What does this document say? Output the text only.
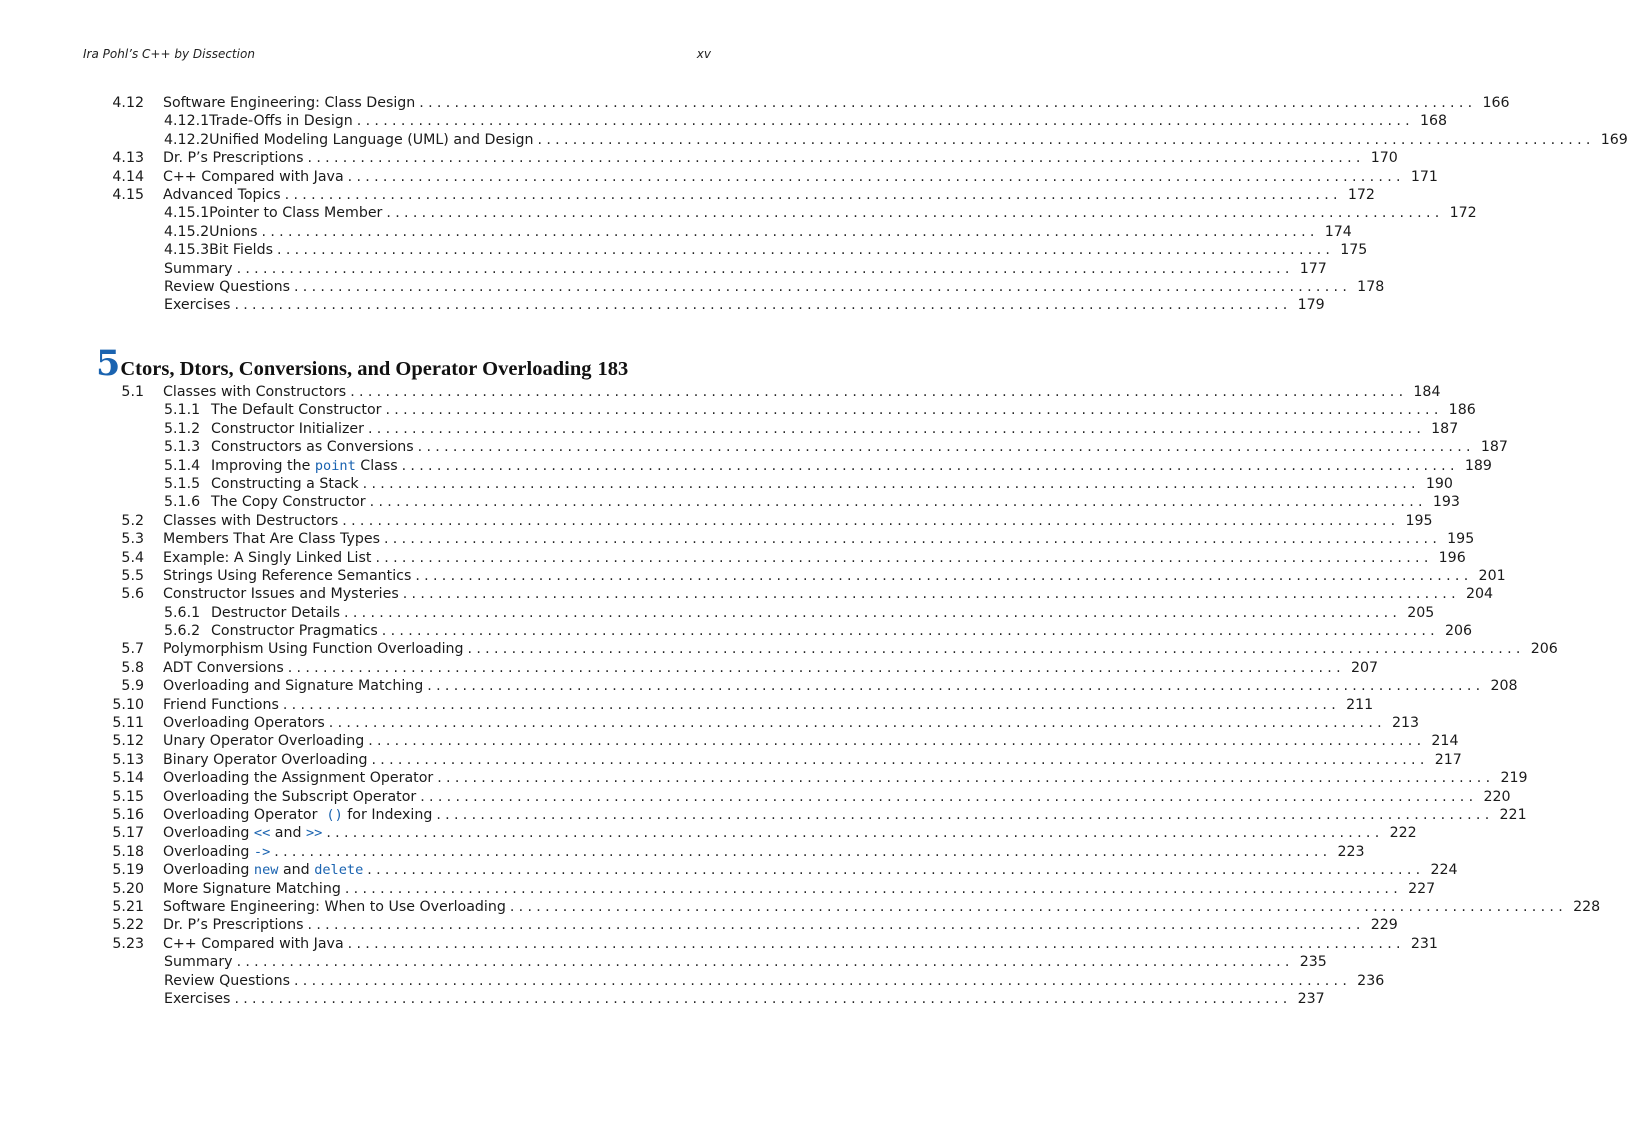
Ira Pohl’s C++ by Dissection	xv
4.12 Software Engineering: Class Design ........................................................................................................................ 166
4.12.1 Trade-Offs in Design ........................................................................................................................ 168
4.12.2 Unified Modeling Language (UML) and Design ........................................................................................................................ 169
4.13 Dr. P’s Prescriptions ........................................................................................................................ 170
4.14 C++ Compared with Java ........................................................................................................................ 171
4.15 Advanced Topics ........................................................................................................................ 172
4.15.1 Pointer to Class Member ........................................................................................................................ 172
4.15.2 Unions ........................................................................................................................ 174
4.15.3 Bit Fields ........................................................................................................................ 175
Summary ........................................................................................................................ 177
Review Questions ........................................................................................................................ 178
Exercises ........................................................................................................................ 179
5 Ctors, Dtors, Conversions, and Operator Overloading 183
5.1 Classes with Constructors ........................................................................................................................ 184
5.1.1 The Default Constructor ........................................................................................................................ 186
5.1.2 Constructor Initializer ........................................................................................................................ 187
5.1.3 Constructors as Conversions ........................................................................................................................ 187
5.1.4 Improving the point Class ........................................................................................................................ 189
5.1.5 Constructing a Stack ........................................................................................................................ 190
5.1.6 The Copy Constructor ........................................................................................................................ 193
5.2 Classes with Destructors ........................................................................................................................ 195
5.3 Members That Are Class Types ........................................................................................................................ 195
5.4 Example: A Singly Linked List ........................................................................................................................ 196
5.5 Strings Using Reference Semantics ........................................................................................................................ 201
5.6 Constructor Issues and Mysteries ........................................................................................................................ 204
5.6.1 Destructor Details ........................................................................................................................ 205
5.6.2 Constructor Pragmatics ........................................................................................................................ 206
5.7 Polymorphism Using Function Overloading ........................................................................................................................ 206
5.8 ADT Conversions ........................................................................................................................ 207
5.9 Overloading and Signature Matching ........................................................................................................................ 208
5.10 Friend Functions ........................................................................................................................ 211
5.11 Overloading Operators ........................................................................................................................ 213
5.12 Unary Operator Overloading ........................................................................................................................ 214
5.13 Binary Operator Overloading ........................................................................................................................ 217
5.14 Overloading the Assignment Operator ........................................................................................................................ 219
5.15 Overloading the Subscript Operator ........................................................................................................................ 220
5.16 Overloading Operator () for Indexing ........................................................................................................................ 221
5.17 Overloading << and >> ........................................................................................................................ 222
5.18 Overloading -> ........................................................................................................................ 223
5.19 Overloading new and delete ........................................................................................................................ 224
5.20 More Signature Matching ........................................................................................................................ 227
5.21 Software Engineering: When to Use Overloading ........................................................................................................................ 228
5.22 Dr. P’s Prescriptions ........................................................................................................................ 229
5.23 C++ Compared with Java ........................................................................................................................ 231
Summary ........................................................................................................................ 235
Review Questions ........................................................................................................................ 236
Exercises ........................................................................................................................ 237
